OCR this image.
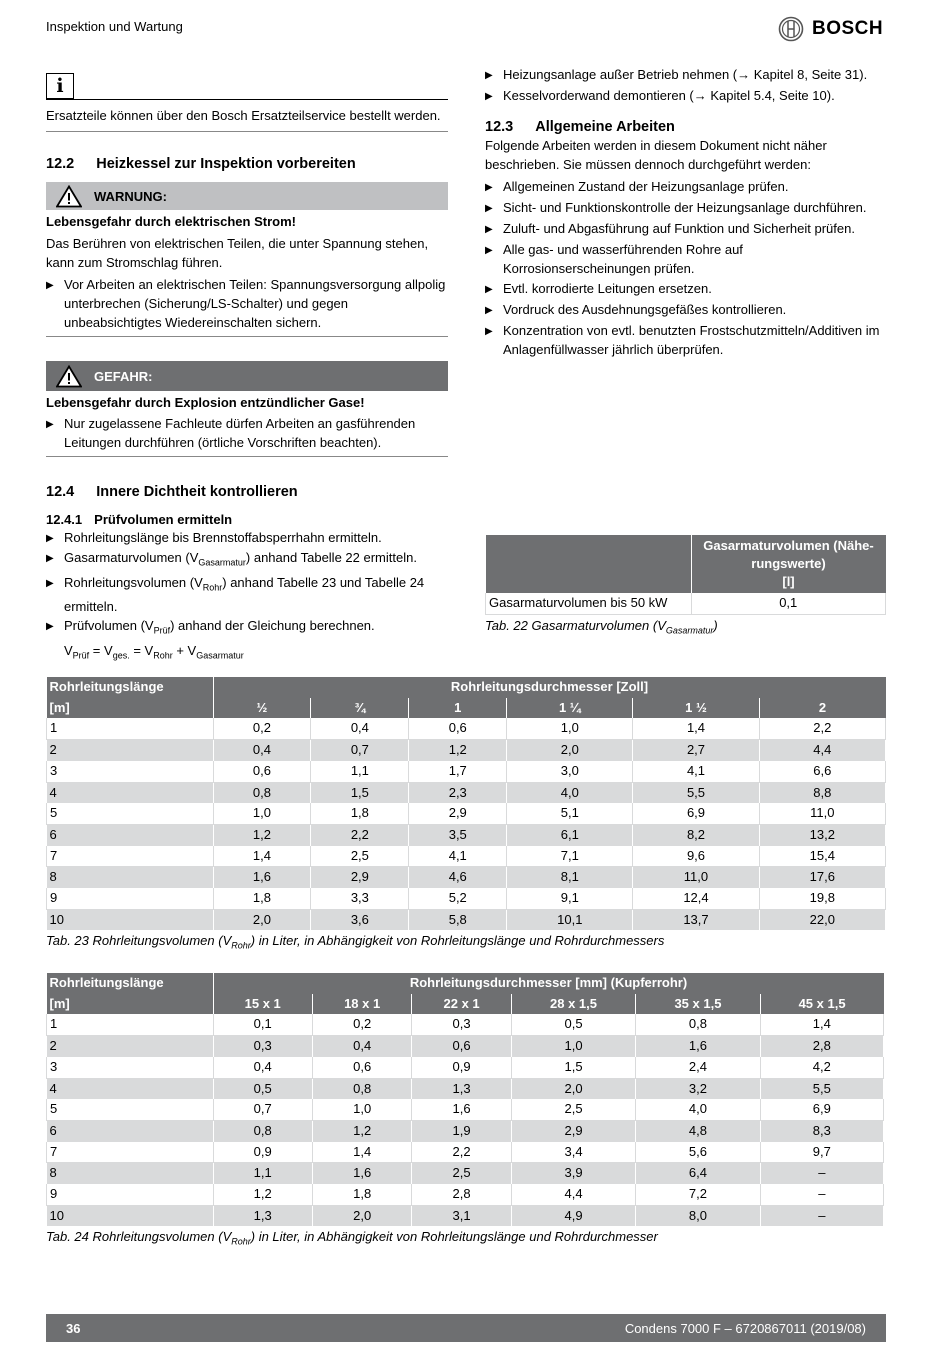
Inspektion und Wartung	BOSCH
i

Ersatzteile können über den Bosch Ersatzteilservice bestellt werden.

12.2 Heizkessel zur Inspektion vorbereiten
WARNUNG:

Lebensgefahr durch elektrischen Strom!

Das Berühren von elektrischen Teilen, die unter Spannung stehen, kann zum Stromschlag führen.

▶ Vor Arbeiten an elektrischen Teilen: Spannungsversorgung allpolig unterbrechen (Sicherung/LS-Schalter) und gegen unbeabsichtigtes Wiedereinschalten sichern.
GEFAHR:

Lebensgefahr durch Explosion entzündlicher Gase!

▶ Nur zugelassene Fachleute dürfen Arbeiten an gasführenden Leitungen durchführen (örtliche Vorschriften beachten).
12.4 Innere Dichtheit kontrollieren
12.4.1 Prüfvolumen ermitteln
▶ Rohrleitungslänge bis Brennstoffabsperrhahn ermitteln.
▶ Gasarmaturvolumen $(V_{Gasarmatur})$ anhand Tabelle 22 ermitteln.
▶ Rohrleitungsvolumen $(V_{Rohr})$ anhand Tabelle 23 und Tabelle 24 ermitteln.
▶ Prüfvolumen $(V_{Prüf})$ anhand der Gleichung berechnen.
$V_{Prüf} = V_{ges.} = V_{Rohr} + V_{Gasarmatur}$
▶ Heizungsanlage außer Betrieb nehmen (→ Kapitel 8, Seite 31).
▶ Kesselvorderwand demontieren (→ Kapitel 5.4, Seite 10).
12.3 Allgemeine Arbeiten

Folgende Arbeiten werden in diesem Dokument nicht näher beschrieben. Sie müssen dennoch durchgeführt werden:

▶ Allgemeinen Zustand der Heizungsanlage prüfen.
▶ Sicht- und Funktionskontrolle der Heizungsanlage durchführen.
▶ Zuluft- und Abgasführung auf Funktion und Sicherheit prüfen.
▶ Alle gas- und wasserführenden Rohre auf Korrosionserscheinungen prüfen.
▶ Evtl. korrodierte Leitungen ersetzen.
▶ Vordruck des Ausdehnungsgefäßes kontrollieren.
▶ Konzentration von evtl. benutzten Frostschutzmitteln/Additiven im Anlagenfüllwasser jährlich überprüfen.
	Gasarmaturvolumen (Nähe-
rungswerte)
[l]
Gasarmaturvolumen bis 50 kW	0,1
Tab. 22 Gasarmaturvolumen $(V_{Gasarmatur})$
Rohrleitungslänge	Rohrleitungsdurchmesser [Zoll]					
[m]	½	¾	1	1 ¼	1 ½	2
1	0,2	0,4	0,6	1,0	1,4	2,2
2	0,4	0,7	1,2	2,0	2,7	4,4
3	0,6	1,1	1,7	3,0	4,1	6,6
4	0,8	1,5	2,3	4,0	5,5	8,8
5	1,0	1,8	2,9	5,1	6,9	11,0
6	1,2	2,2	3,5	6,1	8,2	13,2
7	1,4	2,5	4,1	7,1	9,6	15,4
8	1,6	2,9	4,6	8,1	11,0	17,6
9	1,8	3,3	5,2	9,1	12,4	19,8
10	2,0	3,6	5,8	10,1	13,7	22,0
Tab. 23 Rohrleitungsvolumen $(V_{Rohr})$ in Liter, in Abhängigkeit von Rohrleitungslänge und Rohrdurchmessers
Rohrleitungslänge	Rohrleitungsdurchmesser [mm] (Kupferrohr)					
[m]	15 x 1	18 x 1	22 x 1	28 x 1,5	35 x 1,5	45 x 1,5
1	0,1	0,2	0,3	0,5	0,8	1,4
2	0,3	0,4	0,6	1,0	1,6	2,8
3	0,4	0,6	0,9	1,5	2,4	4,2
4	0,5	0,8	1,3	2,0	3,2	5,5
5	0,7	1,0	1,6	2,5	4,0	6,9
6	0,8	1,2	1,9	2,9	4,8	8,3
7	0,9	1,4	2,2	3,4	5,6	9,7
8	1,1	1,6	2,5	3,9	6,4	–
9	1,2	1,8	2,8	4,4	7,2	–
10	1,3	2,0	3,1	4,9	8,0	–
Tab. 24 Rohrleitungsvolumen $(V_{Rohr})$ in Liter, in Abhängigkeit von Rohrleitungslänge und Rohrdurchmesser
36	Condens 7000 F – 6720867011 (2019/08)
